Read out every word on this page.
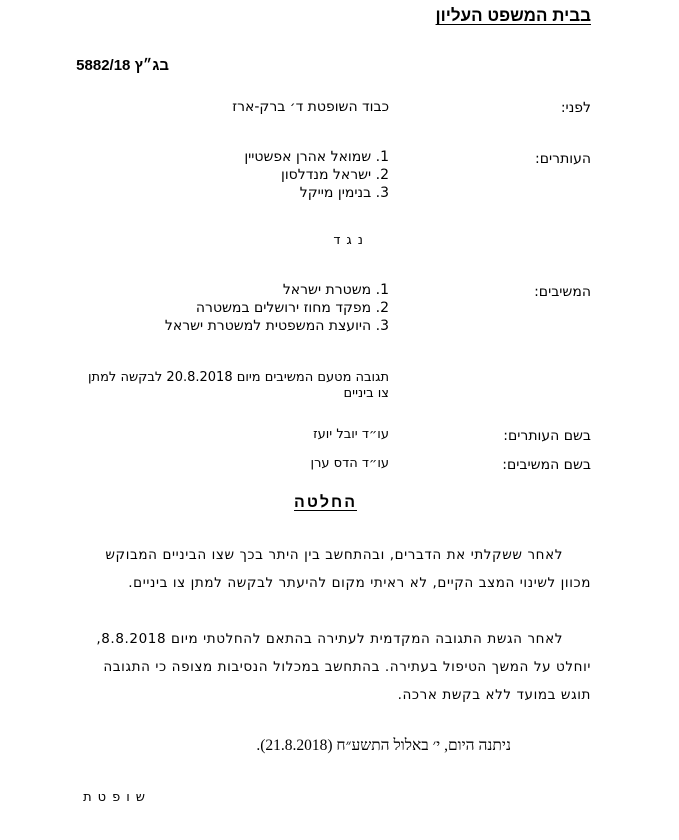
בבית המשפט העליון
בג״ץ 5882/18
לפני:
כבוד השופטת ד׳ ברק-ארז
העותרים:
1. שמואל אהרן אפשטיין
2. ישראל מנדלסון
3. בנימין מייקל
נגד
המשיבים:
1. משטרת ישראל
2. מפקד מחוז ירושלים במשטרה
3. היועצת המשפטית למשטרת ישראל
תגובה מטעם המשיבים מיום 20.8.2018 לבקשה למתן צו ביניים
בשם העותרים:
עו״ד יובל יועז
בשם המשיבים:
עו״ד הדס ערן
החלטה
לאחר ששקלתי את הדברים, ובהתחשב בין היתר בכך שצו הביניים המבוקש מכוון לשינוי המצב הקיים, לא ראיתי מקום להיעתר לבקשה למתן צו ביניים.
לאחר הגשת התגובה המקדמית לעתירה בהתאם להחלטתי מיום 8.8.2018, יוחלט על המשך הטיפול בעתירה. בהתחשב במכלול הנסיבות מצופה כי התגובה תוגש במועד ללא בקשת ארכה.
ניתנה היום, י׳ באלול התשע״ח (21.8.2018).
שופטת
